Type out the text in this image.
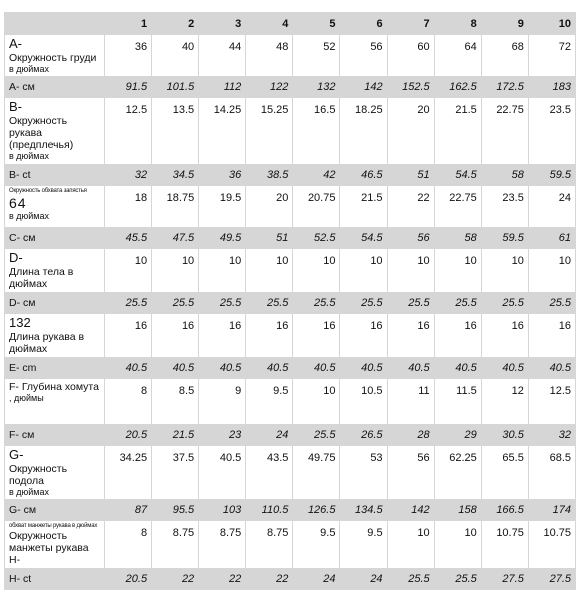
	1	2	3	4	5	6	7	8	9	10

A-
Окружность груди
в дюймах	36	40	44	48	52	56	60	64	68	72

A- см	91.5	101.5	112	122	132	142	152.5	162.5	172.5	183

B-
Окружность рукава (предплечья)
в дюймах	12.5	13.5	14.25	15.25	16.5	18.25	20	21.5	22.75	23.5

B- ct	32	34.5	36	38.5	42	46.5	51	54.5	58	59.5

Окружность обхвата запястья
64
в дюймах	18	18.75	19.5	20	20.75	21.5	22	22.75	23.5	24

C- см	45.5	47.5	49.5	51	52.5	54.5	56	58	59.5	61

D-
Длина тела в дюймах	10	10	10	10	10	10	10	10	10	10

D- см	25.5	25.5	25.5	25.5	25.5	25.5	25.5	25.5	25.5	25.5

132
Длина рукава в дюймах	16	16	16	16	16	16	16	16	16	16

E- cm	40.5	40.5	40.5	40.5	40.5	40.5	40.5	40.5	40.5	40.5

F- Глубина хомута
, дюймы	8	8.5	9	9.5	10	10.5	11	11.5	12	12.5

F- см	20.5	21.5	23	24	25.5	26.5	28	29	30.5	32

G-
Окружность подола
в дюймах	34.25	37.5	40.5	43.5	49.75	53	56	62.25	65.5	68.5

G- см	87	95.5	103	110.5	126.5	134.5	142	158	166.5	174

обхват манжеты рукава в дюймах
Окружность манжеты рукава H-	8	8.75	8.75	8.75	9.5	9.5	10	10	10.75	10.75

H- ct	20.5	22	22	22	24	24	25.5	25.5	27.5	27.5
